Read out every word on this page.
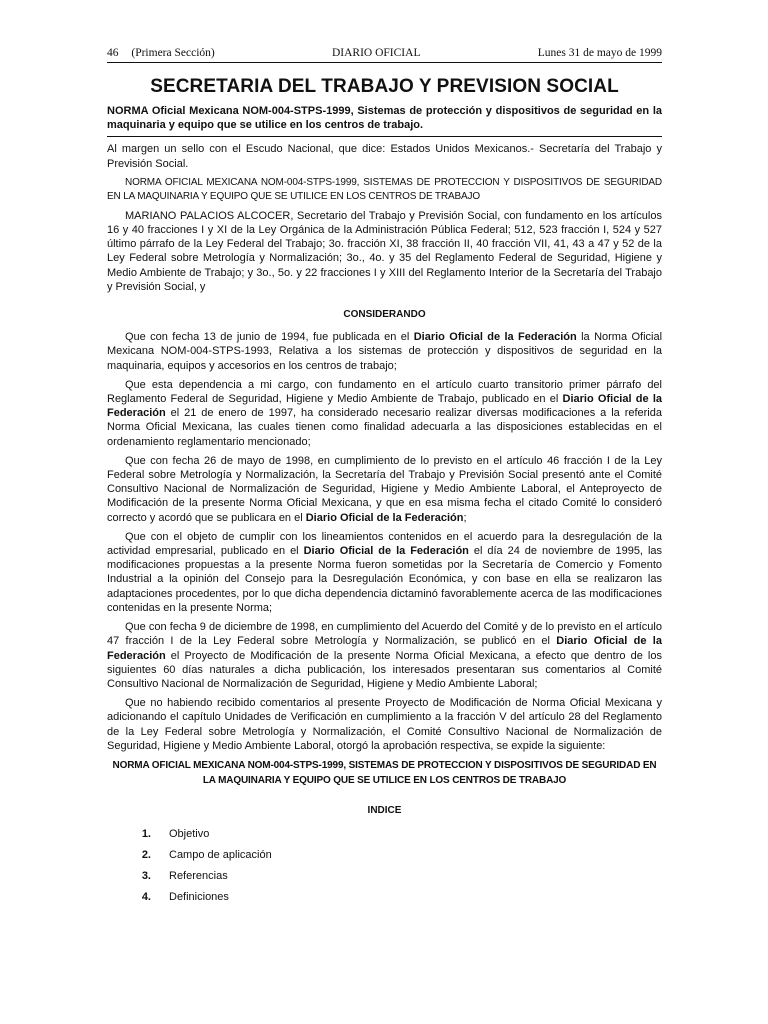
46 (Primera Sección)	DIARIO OFICIAL	Lunes 31 de mayo de 1999
SECRETARIA DEL TRABAJO Y PREVISION SOCIAL

NORMA Oficial Mexicana NOM-004-STPS-1999, Sistemas de protección y dispositivos de seguridad en la maquinaria y equipo que se utilice en los centros de trabajo.

Al margen un sello con el Escudo Nacional, que dice: Estados Unidos Mexicanos.- Secretaría del Trabajo y Previsión Social.

NORMA OFICIAL MEXICANA NOM-004-STPS-1999, SISTEMAS DE PROTECCION Y DISPOSITIVOS DE SEGURIDAD EN LA MAQUINARIA Y EQUIPO QUE SE UTILICE EN LOS CENTROS DE TRABAJO

MARIANO PALACIOS ALCOCER, Secretario del Trabajo y Previsión Social, con fundamento en los artículos 16 y 40 fracciones I y XI de la Ley Orgánica de la Administración Pública Federal; 512, 523 fracción I, 524 y 527 último párrafo de la Ley Federal del Trabajo; 3o. fracción XI, 38 fracción II, 40 fracción VII, 41, 43 a 47 y 52 de la Ley Federal sobre Metrología y Normalización; 3o., 4o. y 35 del Reglamento Federal de Seguridad, Higiene y Medio Ambiente de Trabajo; y 3o., 5o. y 22 fracciones I y XIII del Reglamento Interior de la Secretaría del Trabajo y Previsión Social, y

CONSIDERANDO

Que con fecha 13 de junio de 1994, fue publicada en el Diario Oficial de la Federación la Norma Oficial Mexicana NOM-004-STPS-1993, Relativa a los sistemas de protección y dispositivos de seguridad en la maquinaria, equipos y accesorios en los centros de trabajo;

Que esta dependencia a mi cargo, con fundamento en el artículo cuarto transitorio primer párrafo del Reglamento Federal de Seguridad, Higiene y Medio Ambiente de Trabajo, publicado en el Diario Oficial de la Federación el 21 de enero de 1997, ha considerado necesario realizar diversas modificaciones a la referida Norma Oficial Mexicana, las cuales tienen como finalidad adecuarla a las disposiciones establecidas en el ordenamiento reglamentario mencionado;

Que con fecha 26 de mayo de 1998, en cumplimiento de lo previsto en el artículo 46 fracción I de la Ley Federal sobre Metrología y Normalización, la Secretaría del Trabajo y Previsión Social presentó ante el Comité Consultivo Nacional de Normalización de Seguridad, Higiene y Medio Ambiente Laboral, el Anteproyecto de Modificación de la presente Norma Oficial Mexicana, y que en esa misma fecha el citado Comité lo consideró correcto y acordó que se publicara en el Diario Oficial de la Federación;

Que con el objeto de cumplir con los lineamientos contenidos en el acuerdo para la desregulación de la actividad empresarial, publicado en el Diario Oficial de la Federación el día 24 de noviembre de 1995, las modificaciones propuestas a la presente Norma fueron sometidas por la Secretaría de Comercio y Fomento Industrial a la opinión del Consejo para la Desregulación Económica, y con base en ella se realizaron las adaptaciones procedentes, por lo que dicha dependencia dictaminó favorablemente acerca de las modificaciones contenidas en la presente Norma;

Que con fecha 9 de diciembre de 1998, en cumplimiento del Acuerdo del Comité y de lo previsto en el artículo 47 fracción I de la Ley Federal sobre Metrología y Normalización, se publicó en el Diario Oficial de la Federación el Proyecto de Modificación de la presente Norma Oficial Mexicana, a efecto que dentro de los siguientes 60 días naturales a dicha publicación, los interesados presentaran sus comentarios al Comité Consultivo Nacional de Normalización de Seguridad, Higiene y Medio Ambiente Laboral;

Que no habiendo recibido comentarios al presente Proyecto de Modificación de Norma Oficial Mexicana y adicionando el capítulo Unidades de Verificación en cumplimiento a la fracción V del artículo 28 del Reglamento de la Ley Federal sobre Metrología y Normalización, el Comité Consultivo Nacional de Normalización de Seguridad, Higiene y Medio Ambiente Laboral, otorgó la aprobación respectiva, se expide la siguiente:

NORMA OFICIAL MEXICANA NOM-004-STPS-1999, SISTEMAS DE PROTECCION Y DISPOSITIVOS DE SEGURIDAD EN LA MAQUINARIA Y EQUIPO QUE SE UTILICE EN LOS CENTROS DE TRABAJO

INDICE
1.	Objetivo
2.	Campo de aplicación
3.	Referencias
4.	Definiciones
